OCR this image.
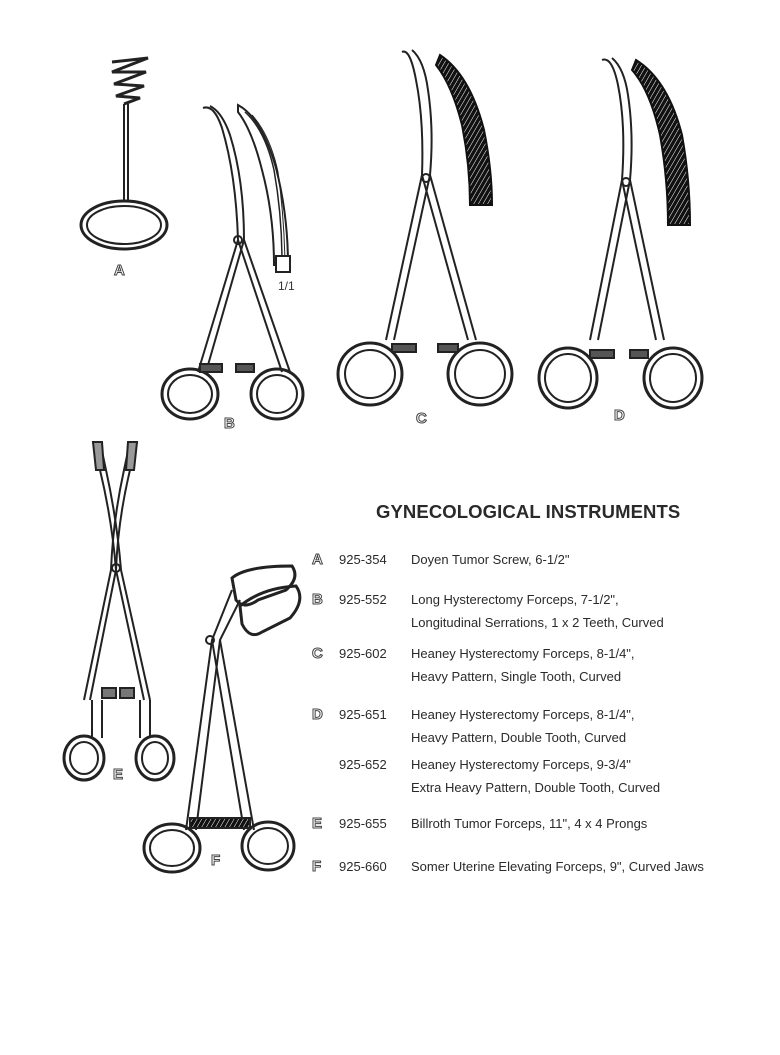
A
1/1
B	C	D
E
F
GYNECOLOGICAL INSTRUMENTS
A 925-354 Doyen Tumor Screw, 6-1/2"
B 925-552 Long Hysterectomy Forceps, 7-1/2",
Longitudinal Serrations, 1 x 2 Teeth, Curved
C 925-602 Heaney Hysterectomy Forceps, 8-1/4",
Heavy Pattern, Single Tooth, Curved
D 925-651 Heaney Hysterectomy Forceps, 8-1/4",
Heavy Pattern, Double Tooth, Curved
925-652 Heaney Hysterectomy Forceps, 9-3/4"
Extra Heavy Pattern, Double Tooth, Curved
E 925-655 Billroth Tumor Forceps, 11", 4 x 4 Prongs
F 925-660 Somer Uterine Elevating Forceps, 9", Curved Jaws
